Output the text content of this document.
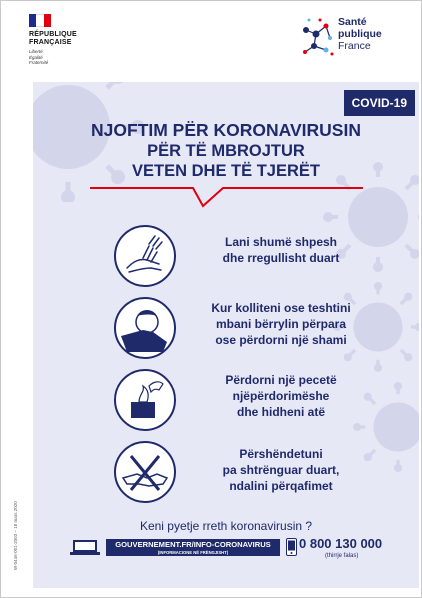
RÉPUBLIQUE
FRANÇAISE
Liberté
Égalité
Fraternité
Santé
publique
France
COVID-19
NJOFTIM PËR KORONAVIRUSIN
PËR TË MBROJTUR
VETEN DHE TË TJERËT
Lani shumë shpesh
dhe rregullisht duart
Kur kolliteni ose teshtini
mbani bërrylin përpara
ose përdorni një shami
Përdorni një pecetë
njëpërdorimëshe
dhe hidheni atë
Përshëndetuni
pa shtrënguar duart,
ndalini përqafimet
Keni pyetje rreth koronavirusin ?
GOUVERNEMENT.FR/INFO-CORONAVIRUS
(INFORMACIONE NË FRËNGJISHT)
0 800 130 000
(thirrje falas)
W-0446-001-2003 – 18 mars 2020
